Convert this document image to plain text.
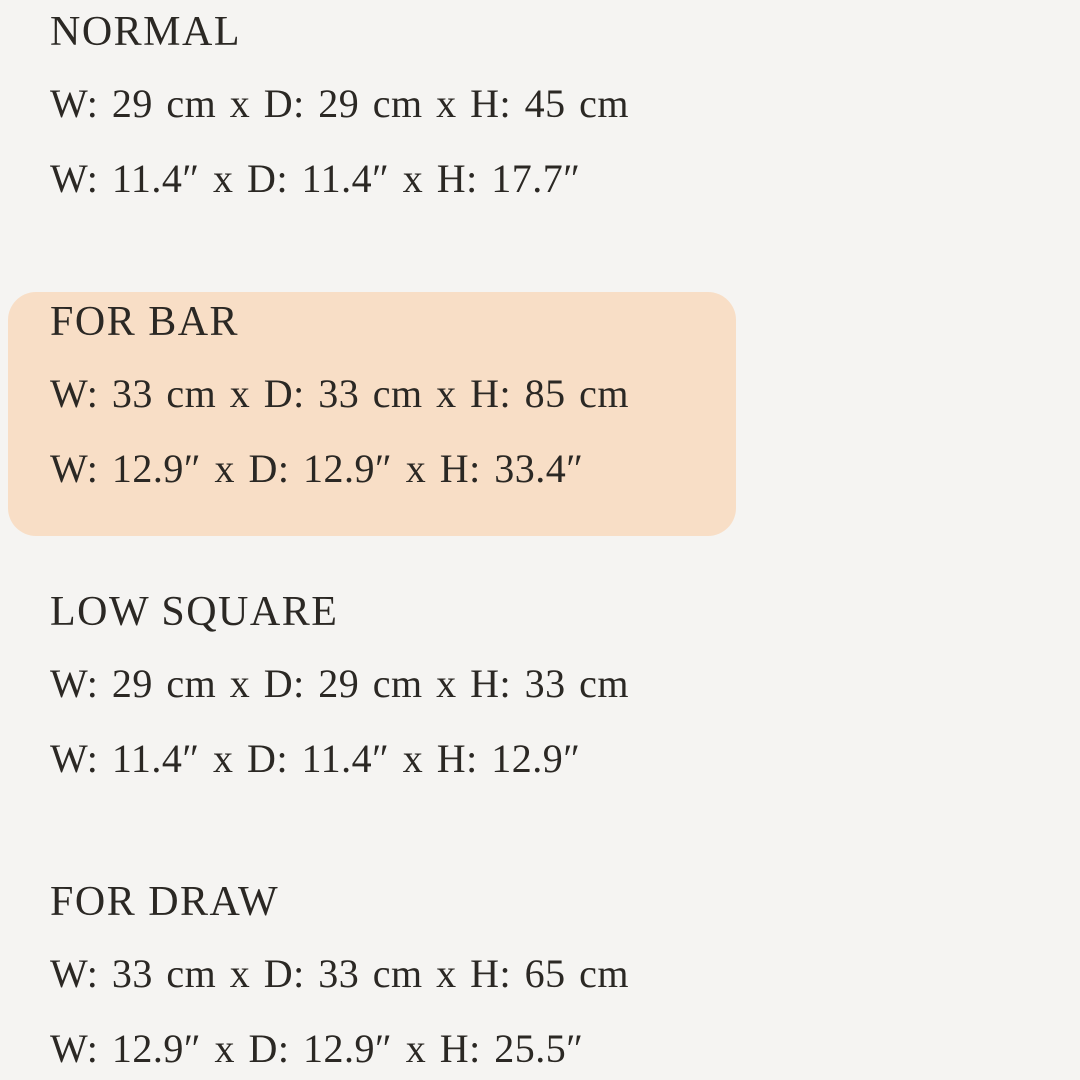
NORMAL

W: 29 cm x D: 29 cm x H: 45 cm

W: 11.4″ x D: 11.4″ x H: 17.7″

FOR BAR

W: 33 cm x D: 33 cm x H: 85 cm

W: 12.9″ x D: 12.9″ x H: 33.4″

LOW SQUARE

W: 29 cm x D: 29 cm x H: 33 cm

W: 11.4″ x D: 11.4″ x H: 12.9″

FOR DRAW

W: 33 cm x D: 33 cm x H: 65 cm

W: 12.9″ x D: 12.9″ x H: 25.5″
